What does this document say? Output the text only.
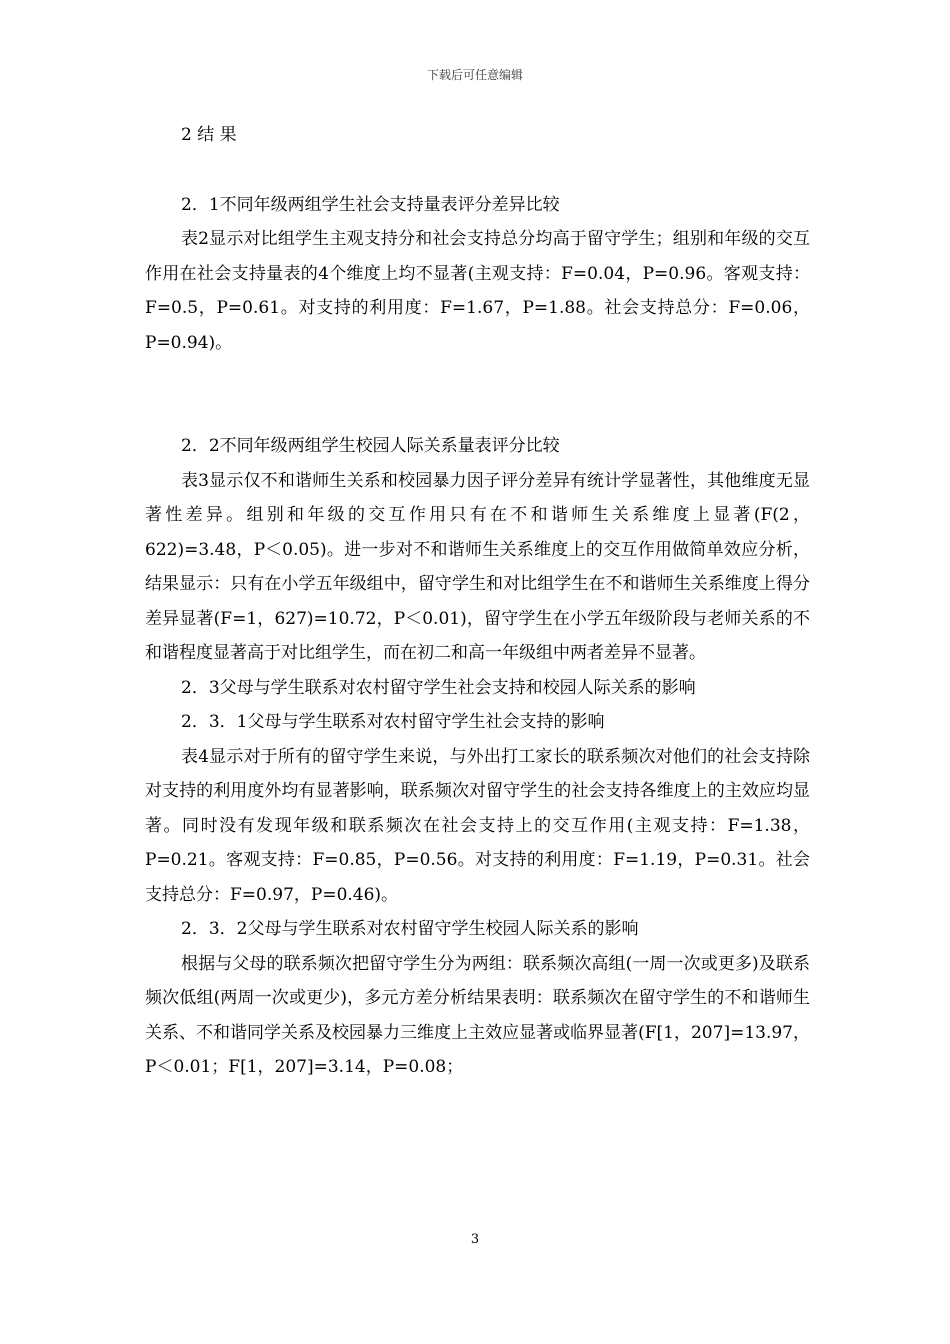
下载后可任意编辑

2 结 果

2．1不同年级两组学生社会支持量表评分差异比较

表2显示对比组学生主观支持分和社会支持总分均高于留守学生；组别和年级的交互作用在社会支持量表的4个维度上均不显著(主观支持：F=0.04，P=0.96。客观支持：F=0.5，P=0.61。对支持的利用度：F=1.67，P=1.88。社会支持总分：F=0.06，P=0.94)。

2．2不同年级两组学生校园人际关系量表评分比较

表3显示仅不和谐师生关系和校园暴力因子评分差异有统计学显著性，其他维度无显著性差异。组别和年级的交互作用只有在不和谐师生关系维度上显著(F(2，622)=3.48，P＜0.05)。进一步对不和谐师生关系维度上的交互作用做简单效应分析，结果显示：只有在小学五年级组中，留守学生和对比组学生在不和谐师生关系维度上得分差异显著(F=1，627)=10.72，P＜0.01)，留守学生在小学五年级阶段与老师关系的不和谐程度显著高于对比组学生，而在初二和高一年级组中两者差异不显著。

2．3父母与学生联系对农村留守学生社会支持和校园人际关系的影响

2．3．1父母与学生联系对农村留守学生社会支持的影响

表4显示对于所有的留守学生来说，与外出打工家长的联系频次对他们的社会支持除对支持的利用度外均有显著影响，联系频次对留守学生的社会支持各维度上的主效应均显著。同时没有发现年级和联系频次在社会支持上的交互作用(主观支持：F=1.38，P=0.21。客观支持：F=0.85，P=0.56。对支持的利用度：F=1.19，P=0.31。社会支持总分：F=0.97，P=0.46)。

2．3．2父母与学生联系对农村留守学生校园人际关系的影响

根据与父母的联系频次把留守学生分为两组：联系频次高组(一周一次或更多)及联系频次低组(两周一次或更少)，多元方差分析结果表明：联系频次在留守学生的不和谐师生关系、不和谐同学关系及校园暴力三维度上主效应显著或临界显著(F[1，207]=13.97，P＜0.01；F[1，207]=3.14，P=0.08；

3
